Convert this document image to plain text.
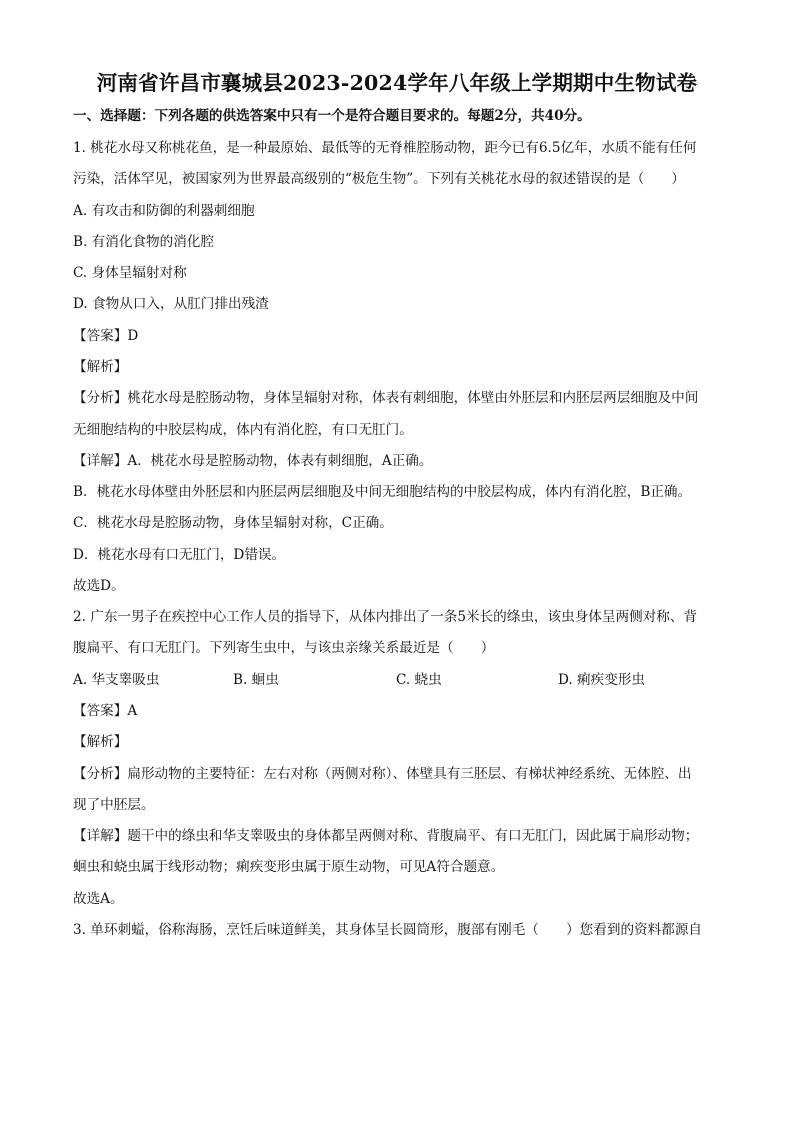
河南省许昌市襄城县2023-2024学年八年级上学期期中生物试卷
一、选择题：下列各题的供选答案中只有一个是符合题目要求的。每题2分，共40分。
1. 桃花水母又称桃花鱼，是一种最原始、最低等的无脊椎腔肠动物，距今已有6.5亿年，水质不能有任何
污染，活体罕见，被国家列为世界最高级别的“极危生物”。下列有关桃花水母的叙述错误的是（　　）
A. 有攻击和防御的利器刺细胞
B. 有消化食物的消化腔
C. 身体呈辐射对称
D. 食物从口入，从肛门排出残渣
【答案】D
【解析】
【分析】桃花水母是腔肠动物，身体呈辐射对称，体表有刺细胞，体壁由外胚层和内胚层两层细胞及中间
无细胞结构的中胶层构成，体内有消化腔，有口无肛门。
【详解】A．桃花水母是腔肠动物，体表有刺细胞，A正确。
B．桃花水母体壁由外胚层和内胚层两层细胞及中间无细胞结构的中胶层构成，体内有消化腔，B正确。
C．桃花水母是腔肠动物，身体呈辐射对称，C正确。
D．桃花水母有口无肛门，D错误。
故选D。
2. 广东一男子在疾控中心工作人员的指导下，从体内排出了一条5米长的绦虫，该虫身体呈两侧对称、背
腹扁平、有口无肛门。下列寄生虫中，与该虫亲缘关系最近是（　　）
A. 华支睾吸虫	B. 蛔虫	C. 蛲虫	D. 痢疾变形虫
【答案】A
【解析】
【分析】扁形动物的主要特征：左右对称（两侧对称）、体壁具有三胚层、有梯状神经系统、无体腔、出
现了中胚层。
【详解】题干中的绦虫和华支睾吸虫的身体都呈两侧对称、背腹扁平、有口无肛门，因此属于扁形动物；
蛔虫和蛲虫属于线形动物；痢疾变形虫属于原生动物，可见A符合题意。
故选A。
3. 单环刺螠，俗称海肠，烹饪后味道鲜美，其身体呈长圆筒形，腹部有刚毛（　　）您看到的资料都源自
